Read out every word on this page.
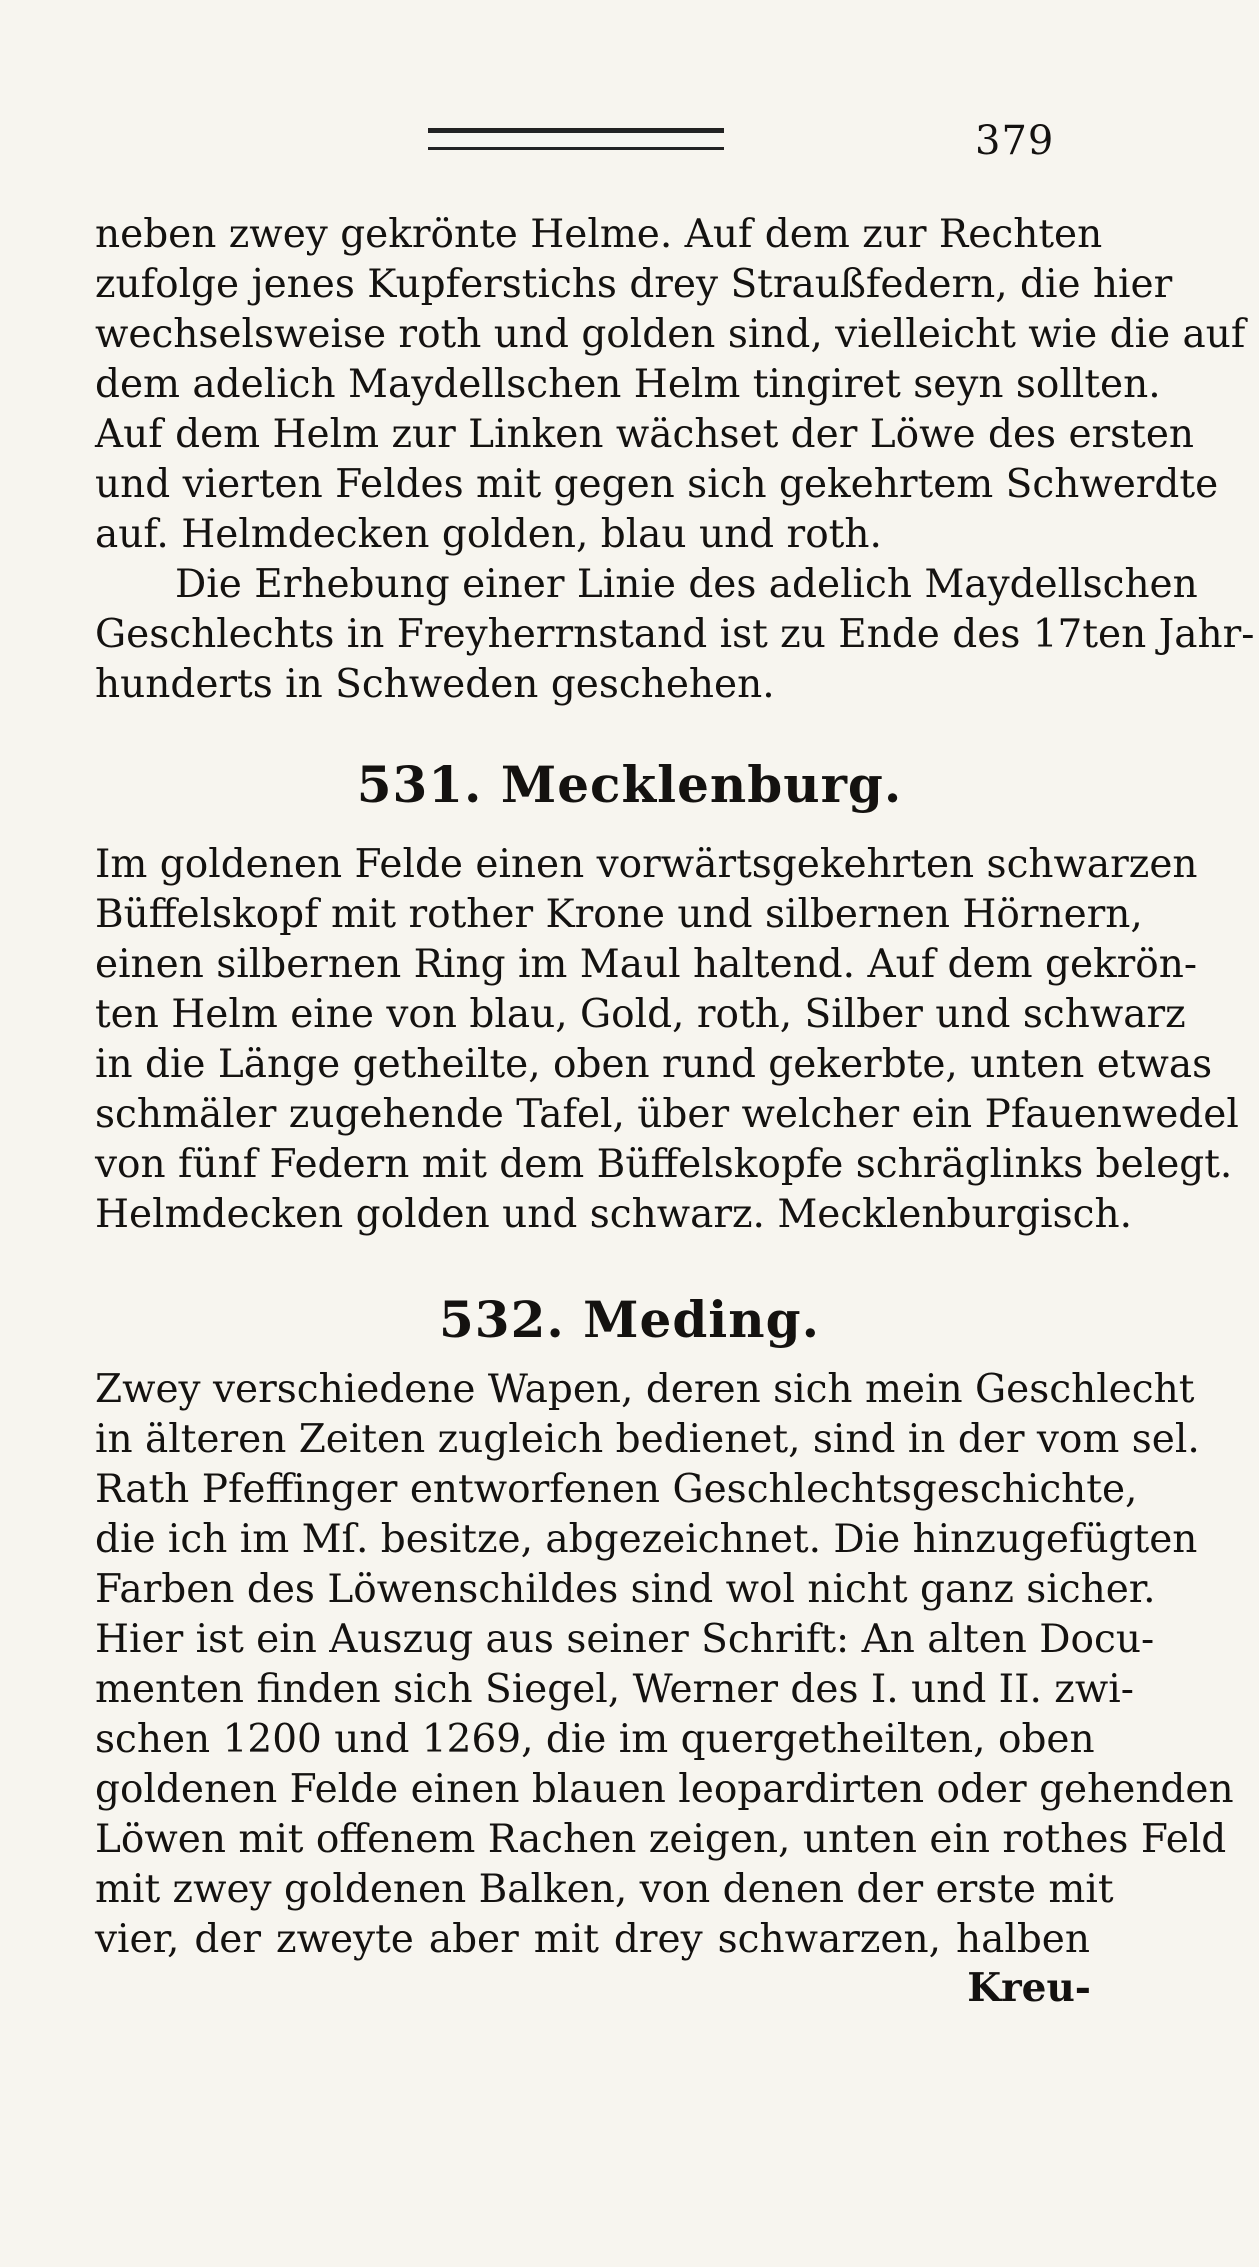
379
neben zwey gekrönte Helme. Auf dem zur Rechten
zufolge jenes Kupferstichs drey Straußfedern, die hier
wechselsweise roth und golden sind, vielleicht wie die auf
dem adelich Maydellschen Helm tingiret seyn sollten.
Auf dem Helm zur Linken wächset der Löwe des ersten
und vierten Feldes mit gegen sich gekehrtem Schwerdte
auf. Helmdecken golden, blau und roth.
Die Erhebung einer Linie des adelich Maydellschen
Geschlechts in Freyherrnstand ist zu Ende des 17ten Jahr-
hunderts in Schweden geschehen.
531. Mecklenburg.
Im goldenen Felde einen vorwärtsgekehrten schwarzen
Büffelskopf mit rother Krone und silbernen Hörnern,
einen silbernen Ring im Maul haltend. Auf dem gekrön-
ten Helm eine von blau, Gold, roth, Silber und schwarz
in die Länge getheilte, oben rund gekerbte, unten etwas
schmäler zugehende Tafel, über welcher ein Pfauenwedel
von fünf Federn mit dem Büffelskopfe schräglinks belegt.
Helmdecken golden und schwarz. Mecklenburgisch.
532. Meding.
Zwey verschiedene Wapen, deren sich mein Geschlecht
in älteren Zeiten zugleich bedienet, sind in der vom sel.
Rath Pfeffinger entworfenen Geschlechtsgeschichte,
die ich im Mſ. besitze, abgezeichnet. Die hinzugefügten
Farben des Löwenschildes sind wol nicht ganz sicher.
Hier ist ein Auszug aus seiner Schrift: An alten Docu-
menten finden sich Siegel, Werner des I. und II. zwi-
schen 1200 und 1269, die im quergetheilten, oben
goldenen Felde einen blauen leopardirten oder gehenden
Löwen mit offenem Rachen zeigen, unten ein rothes Feld
mit zwey goldenen Balken, von denen der erste mit
vier, der zweyte aber mit drey schwarzen, halben
Kreu-
